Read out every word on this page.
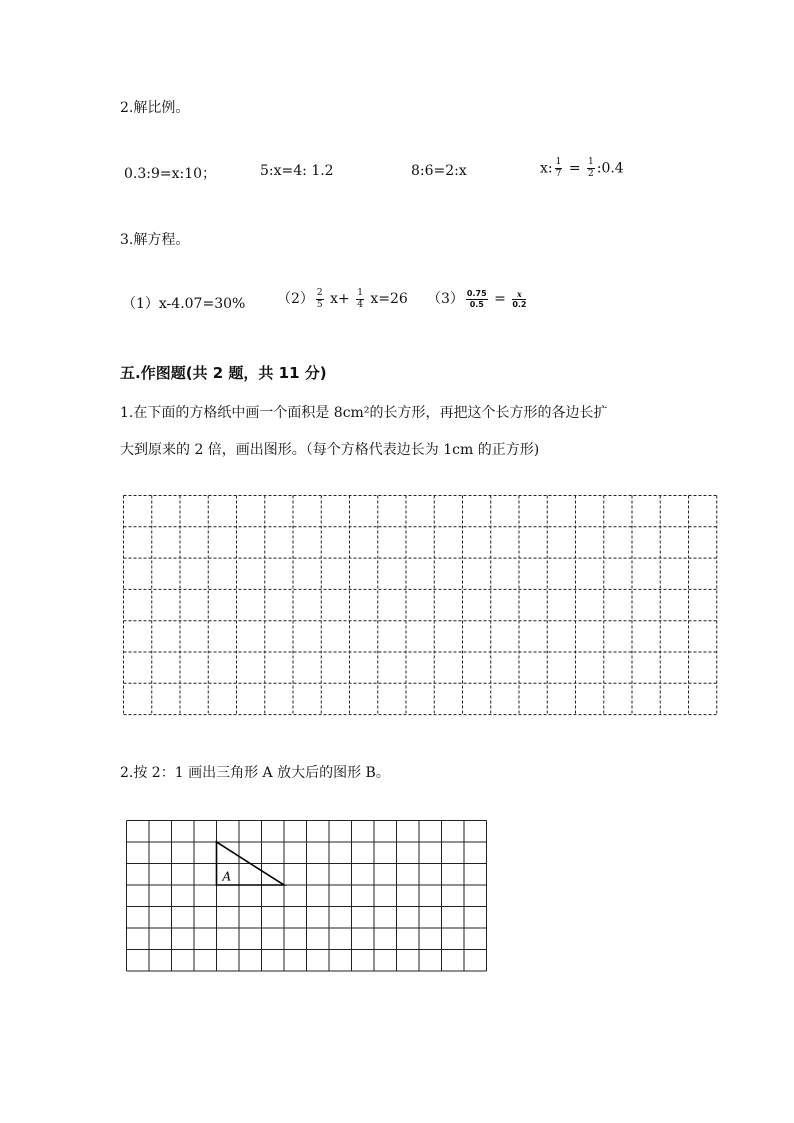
2.解比例。
0.3:9=x:10；	5:x=4: 1.2	8:6=2:x	x: $\frac{1}{7} = \frac{1}{2}$ :0.4
3.解方程。
（1）x-4.07=30% $(2) \frac{2}{5} x+ \frac{1}{4} x=26$ $(3) \frac{0.75}{0.5} = \frac{x}{0.2}$
五.作图题(共 2 题，共 11 分)
1.在下面的方格纸中画一个面积是 8cm²的长方形，再把这个长方形的各边长扩
大到原来的 2 倍，画出图形。（每个方格代表边长为 1cm 的正方形)
2.按 2：1 画出三角形 A 放大后的图形 B。
A
